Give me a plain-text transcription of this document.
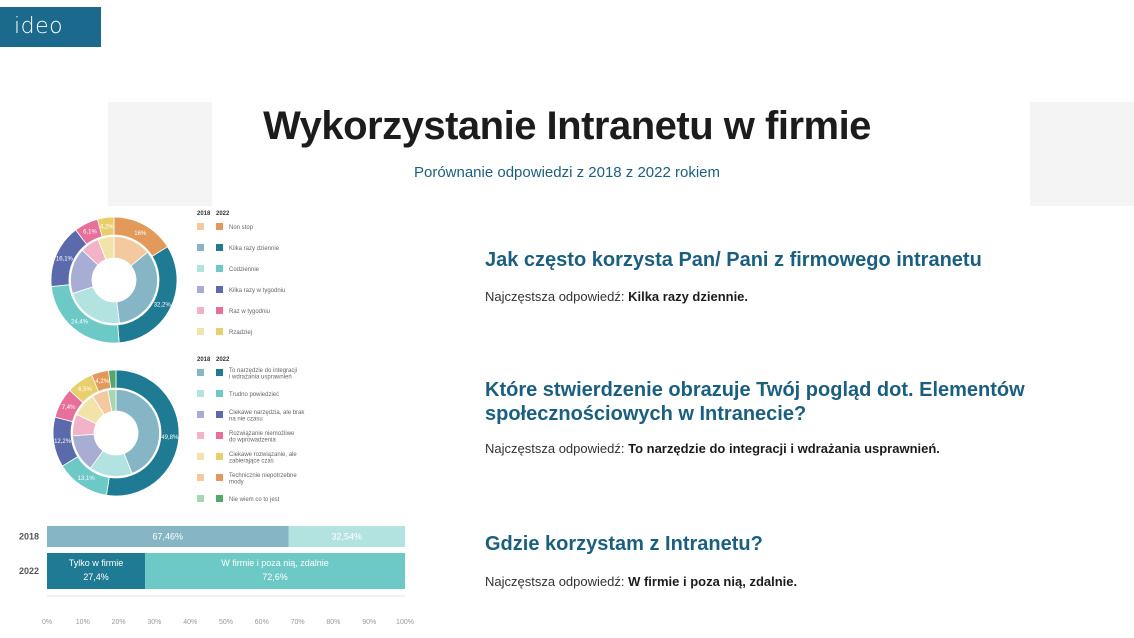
ideo
Wykorzystanie Intranetu w firmie
Porównanie odpowiedzi z 2018 z 2022 rokiem
16%
32,2%
24,4%
16,1%
6,1%
4,2%
2018 2022
Non stop
Kilka razy dziennie
Codziennie
Kilka razy w tygodniu
Raz w tygodniu
Rzadziej
49,8%
13,1%
12,2%
7,4%
6,5%
4,2%
2018 2022
To narzędzie do integracji i wdrażania usprawnień
Trudno powiedzieć
Ciekawe narzędzia, ale brak na nie czasu
Rozwiązanie niemożliwe do wprowadzenia
Ciekawe rozwiązanie, ale zabierające czas
Technicznie niepotrzebne mody
Nie wiem co to jest
2018	67,46%	32,54%
2022
Tylko w firmie
27,4%
W firmie i poza nią, zdalnie
72,6%
0%	10%	20%	30%	40%	50%	60%	70%	80%	90%	100%
Jak często korzysta Pan/ Pani z firmowego intranetu
Najczęstsza odpowiedź: Kilka razy dziennie.
Które stwierdzenie obrazuje Twój pogląd dot. Elementów społecznościowych w Intranecie?
Najczęstsza odpowiedź: To narzędzie do integracji i wdrażania usprawnień.
Gdzie korzystam z Intranetu?
Najczęstsza odpowiedź: W firmie i poza nią, zdalnie.
